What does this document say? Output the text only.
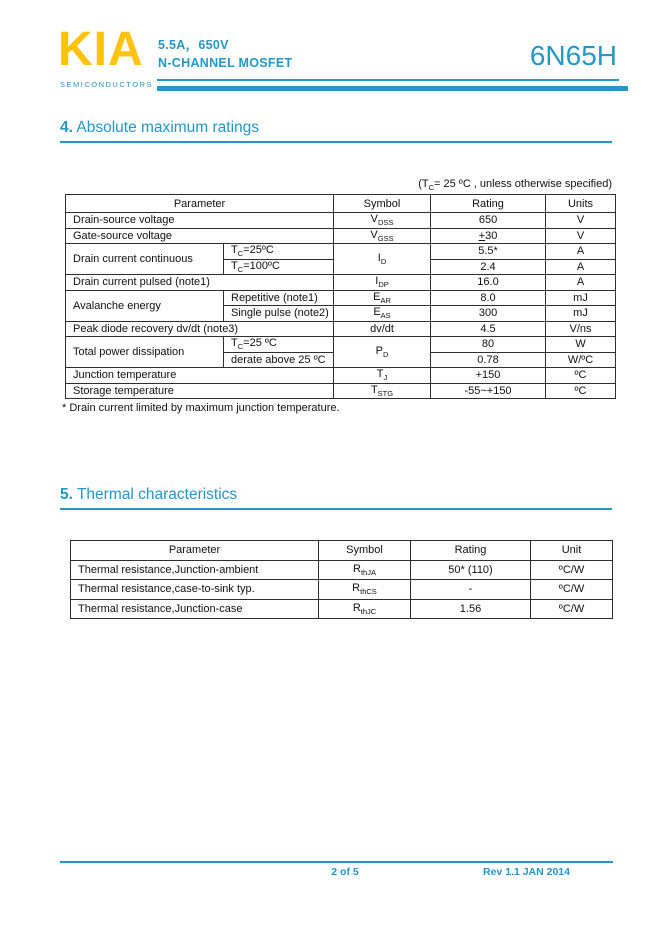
KIA
SEMICONDUCTORS
5.5A，650V
N-CHANNEL MOSFET	6N65H
4. Absolute maximum ratings
($T_C= 25$ ºC , unless otherwise specified)
Parameter		Symbol	Rating	Units
Drain-source voltage		$V_{DSS}$	650	V
Gate-source voltage		$V_{GSS}$	+30	V
Drain current continuous	$T_C=25ºC$	$I_D$	5.5*	A
	$T_C=100ºC$		2.4	A
Drain current pulsed (note1)		$I_{DP}$	16.0	A
Avalanche energy	Repetitive (note1)	$E_{AR}$	8.0	mJ
	Single pulse (note2)	$E_{AS}$	300	mJ
Peak diode recovery dv/dt (note3)		dv/dt	4.5	V/ns
Total power dissipation	$T_C=25$ ºC	$P_D$	80	W
	derate above 25 ºC		0.78	W/ºC
Junction temperature		$T_J$	+150	ºC
Storage temperature		$T_{STG}$	-55~+150	ºC
* Drain current limited by maximum junction temperature.
5. Thermal characteristics
Parameter	Symbol	Rating	Unit
Thermal resistance,Junction-ambient	$R_{thJA}$	50* (110)	ºC/W
Thermal resistance,case-to-sink typ.	$R_{thCS}$	-	ºC/W
Thermal resistance,Junction-case	$R_{thJC}$	1.56	ºC/W
2 of 5	Rev 1.1 JAN 2014
